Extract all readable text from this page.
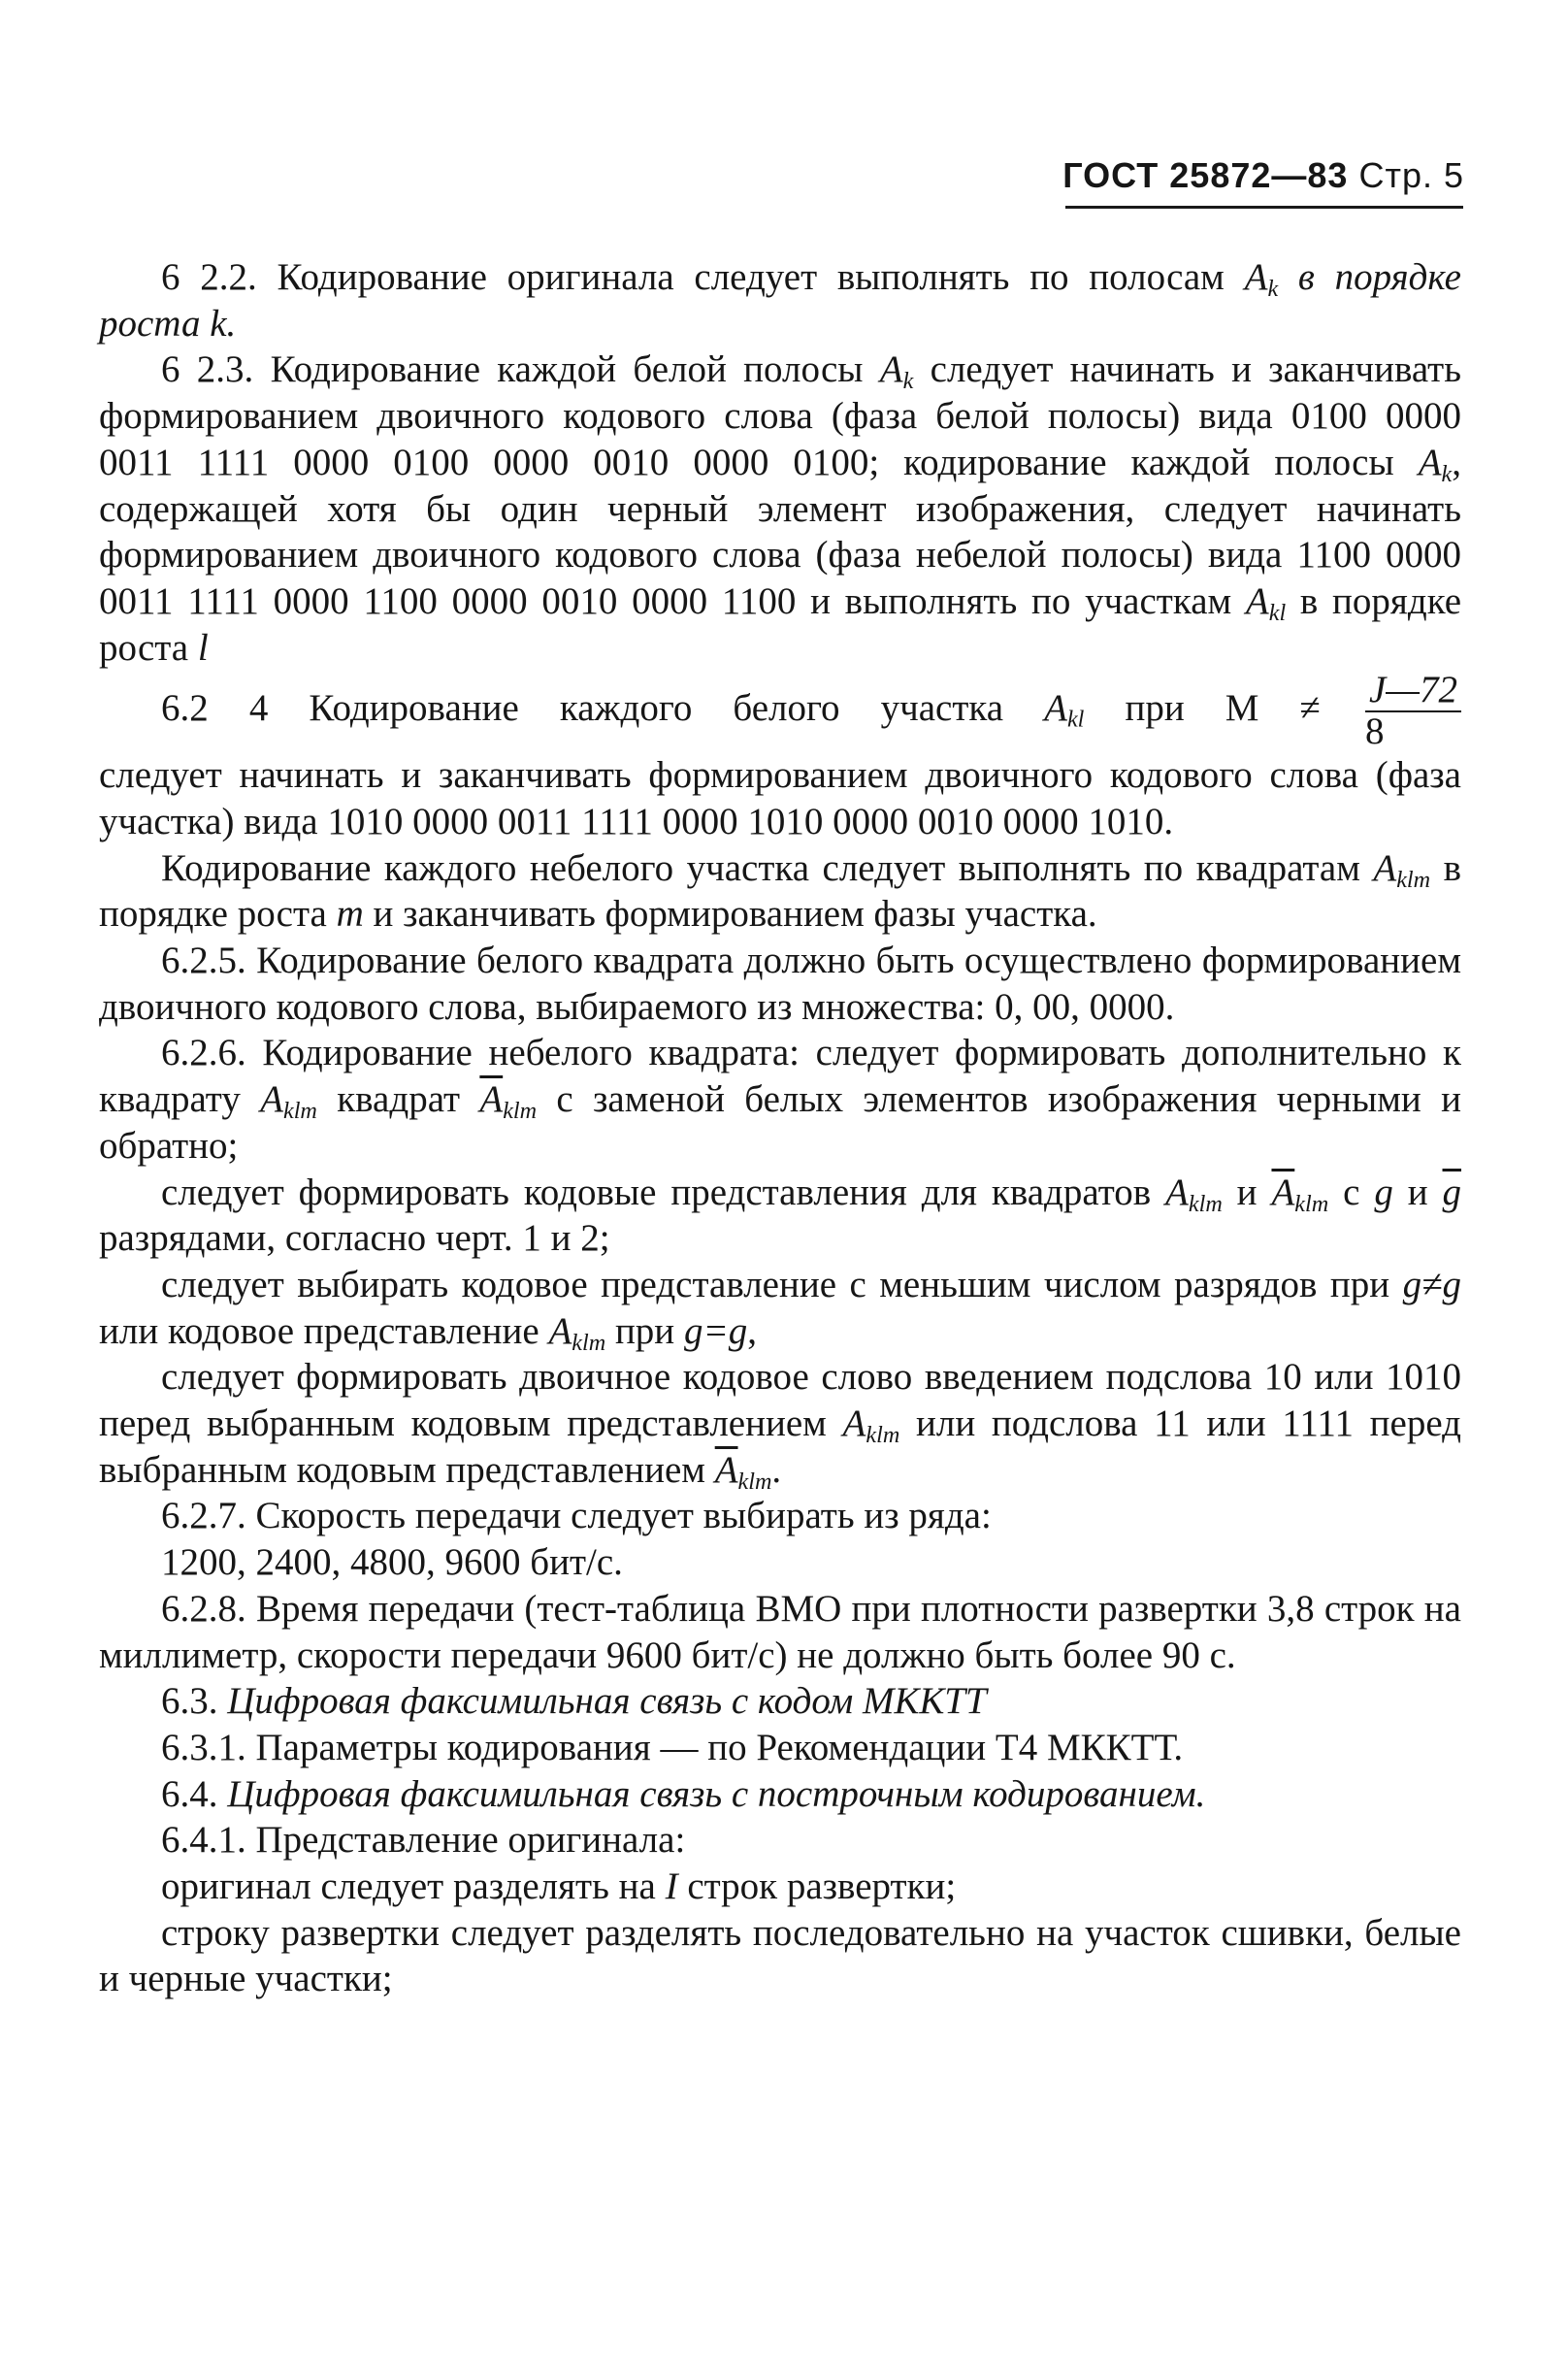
ГОСТ 25872—83 Стр. 5

6 2.2. Кодирование оригинала следует выполнять по полосам $A_k$ в порядке роста k.

6 2.3. Кодирование каждой белой полосы $A_k$ следует начинать и заканчивать формированием двоичного кодового слова (фаза белой полосы) вида 0100 0000 0011 1111 0000 0100 0000 0010 0000 0100; кодирование каждой полосы $A_k$, содержащей хотя бы один черный элемент изображения, следует начинать формированием двоичного кодового слова (фаза небелой полосы) вида 1100 0000 0011 1111 0000 1100 0000 0010 0000 1100 и выполнять по участкам $A_{kl}$ в порядке роста l

6.2 4 Кодирование каждого белого участка $A_{kl}$ при $M \ne \frac{J—72}{8}$

следует начинать и заканчивать формированием двоичного кодового слова (фаза участка) вида 1010 0000 0011 1111 0000 1010 0000 0010 0000 1010.

Кодирование каждого небелого участка следует выполнять по квадратам $A_{klm}$ в порядке роста m и заканчивать формированием фазы участка.

6.2.5. Кодирование белого квадрата должно быть осуществлено формированием двоичного кодового слова, выбираемого из множества: 0, 00, 0000.

6.2.6. Кодирование небелого квадрата: следует формировать дополнительно к квадрату $A_{klm}$ квадрат $\overline{A}_{klm}$ с заменой белых элементов изображения черными и обратно;

следует формировать кодовые представления для квадратов $A_{klm}$ и $\overline{A}_{klm}$ с g и $\overline{g}$ разрядами, согласно черт. 1 и 2;

следует выбирать кодовое представление с меньшим числом разрядов при g≠g или кодовое представление $A_{klm}$ при g=g,

следует формировать двоичное кодовое слово введением подслова 10 или 1010 перед выбранным кодовым представлением $A_{klm}$ или подслова 11 или 1111 перед выбранным кодовым представлением $\overline{A}_{klm}$.

6.2.7. Скорость передачи следует выбирать из ряда:

1200, 2400, 4800, 9600 бит/с.

6.2.8. Время передачи (тест-таблица ВМО при плотности развертки 3,8 строк на миллиметр, скорости передачи 9600 бит/с) не должно быть более 90 с.

6.3. Цифровая факсимильная связь с кодом МККТТ

6.3.1. Параметры кодирования — по Рекомендации Т4 МККТТ.

6.4. Цифровая факсимильная связь с построчным кодированием.

6.4.1. Представление оригинала:

оригинал следует разделять на I строк развертки;

строку развертки следует разделять последовательно на участок сшивки, белые и черные участки;
